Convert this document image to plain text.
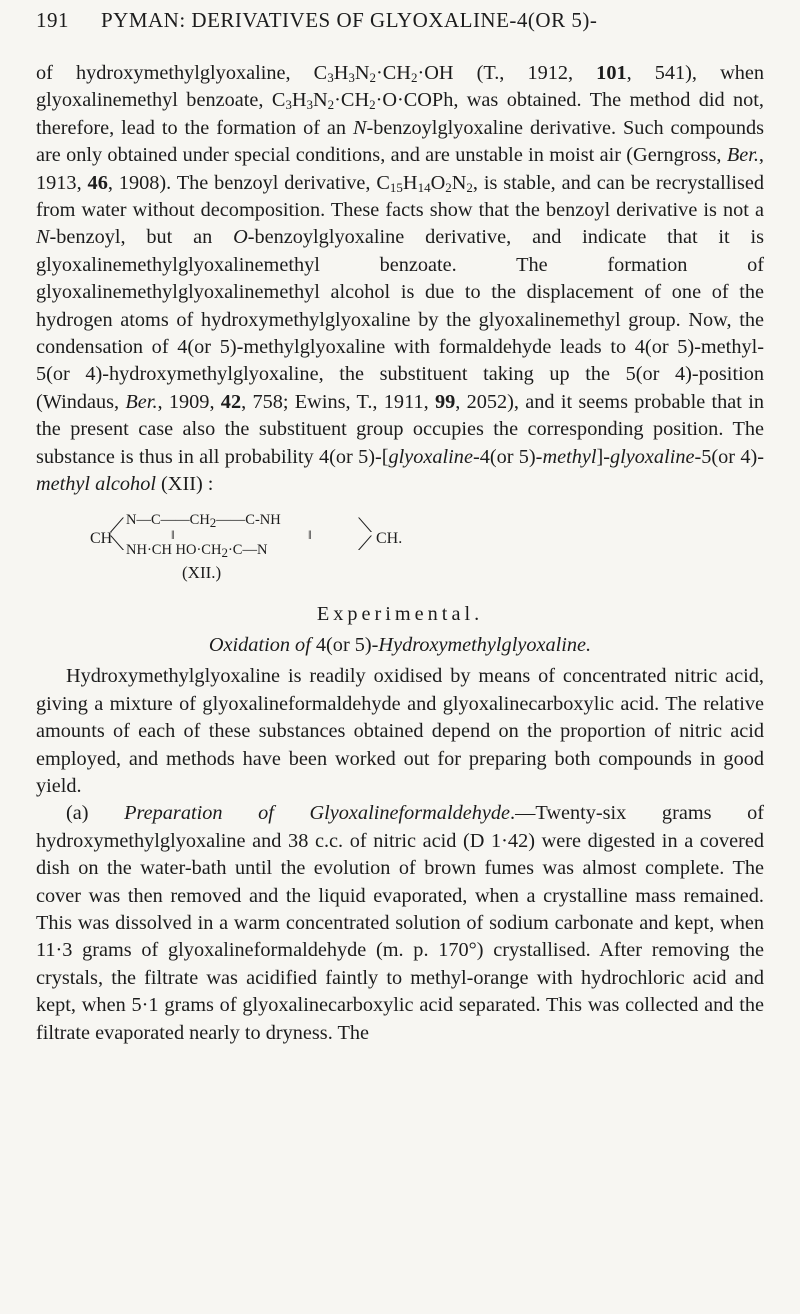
191 PYMAN: DERIVATIVES OF GLYOXALINE-4(OR 5)-

of hydroxymethylglyoxaline, $C_3H_3N_2\cdot CH_2\cdot OH$ (T., 1912, 101, 541), when glyoxalinemethyl benzoate, $C_3H_3N_2\cdot CH_2\cdot O\cdot COPh$, was obtained. The method did not, therefore, lead to the formation of an N-benzoylglyoxaline derivative. Such compounds are only obtained under special conditions, and are unstable in moist air (Gerngross, Ber., 1913, 46, 1908). The benzoyl derivative, $C_{15}H_{14}O_2N_2$, is stable, and can be recrystallised from water without decomposition. These facts show that the benzoyl derivative is not a N-benzoyl, but an O-benzoylglyoxaline derivative, and indicate that it is glyoxalinemethylglyoxalinemethyl benzoate. The formation of glyoxalinemethylglyoxalinemethyl alcohol is due to the displacement of one of the hydrogen atoms of hydroxymethylglyoxaline by the glyoxalinemethyl group. Now, the condensation of 4(or 5)-methylglyoxaline with formaldehyde leads to 4(or 5)-methyl-5(or 4)-hydroxymethylglyoxaline, the substituent taking up the 5(or 4)-position (Windaus, Ber., 1909, 42, 758; Ewins, T., 1911, 99, 2052), and it seems probable that in the present case also the substituent group occupies the corresponding position. The substance is thus in all probability 4(or 5)-[glyoxaline-4(or 5)-methyl]-glyoxaline-5(or 4)-methyl alcohol (XII) :

CH
⟋
⟍
$N—C——CH_2——C-NH$
‖	‖
NH·CH $HO\cdot CH_2\cdot C—N$
⟍
⟋ CH.
(XII.)
Experimental.
Oxidation of 4(or 5)-Hydroxymethylglyoxaline.

Hydroxymethylglyoxaline is readily oxidised by means of concentrated nitric acid, giving a mixture of glyoxalineformaldehyde and glyoxalinecarboxylic acid. The relative amounts of each of these substances obtained depend on the proportion of nitric acid employed, and methods have been worked out for preparing both compounds in good yield.

(a) Preparation of Glyoxalineformaldehyde.—Twenty-six grams of hydroxymethylglyoxaline and 38 c.c. of nitric acid (D 1·42) were digested in a covered dish on the water-bath until the evolution of brown fumes was almost complete. The cover was then removed and the liquid evaporated, when a crystalline mass remained. This was dissolved in a warm concentrated solution of sodium carbonate and kept, when 11·3 grams of glyoxalineformaldehyde (m. p. 170°) crystallised. After removing the crystals, the filtrate was acidified faintly to methyl-orange with hydrochloric acid and kept, when 5·1 grams of glyoxalinecarboxylic acid separated. This was collected and the filtrate evaporated nearly to dryness. The
